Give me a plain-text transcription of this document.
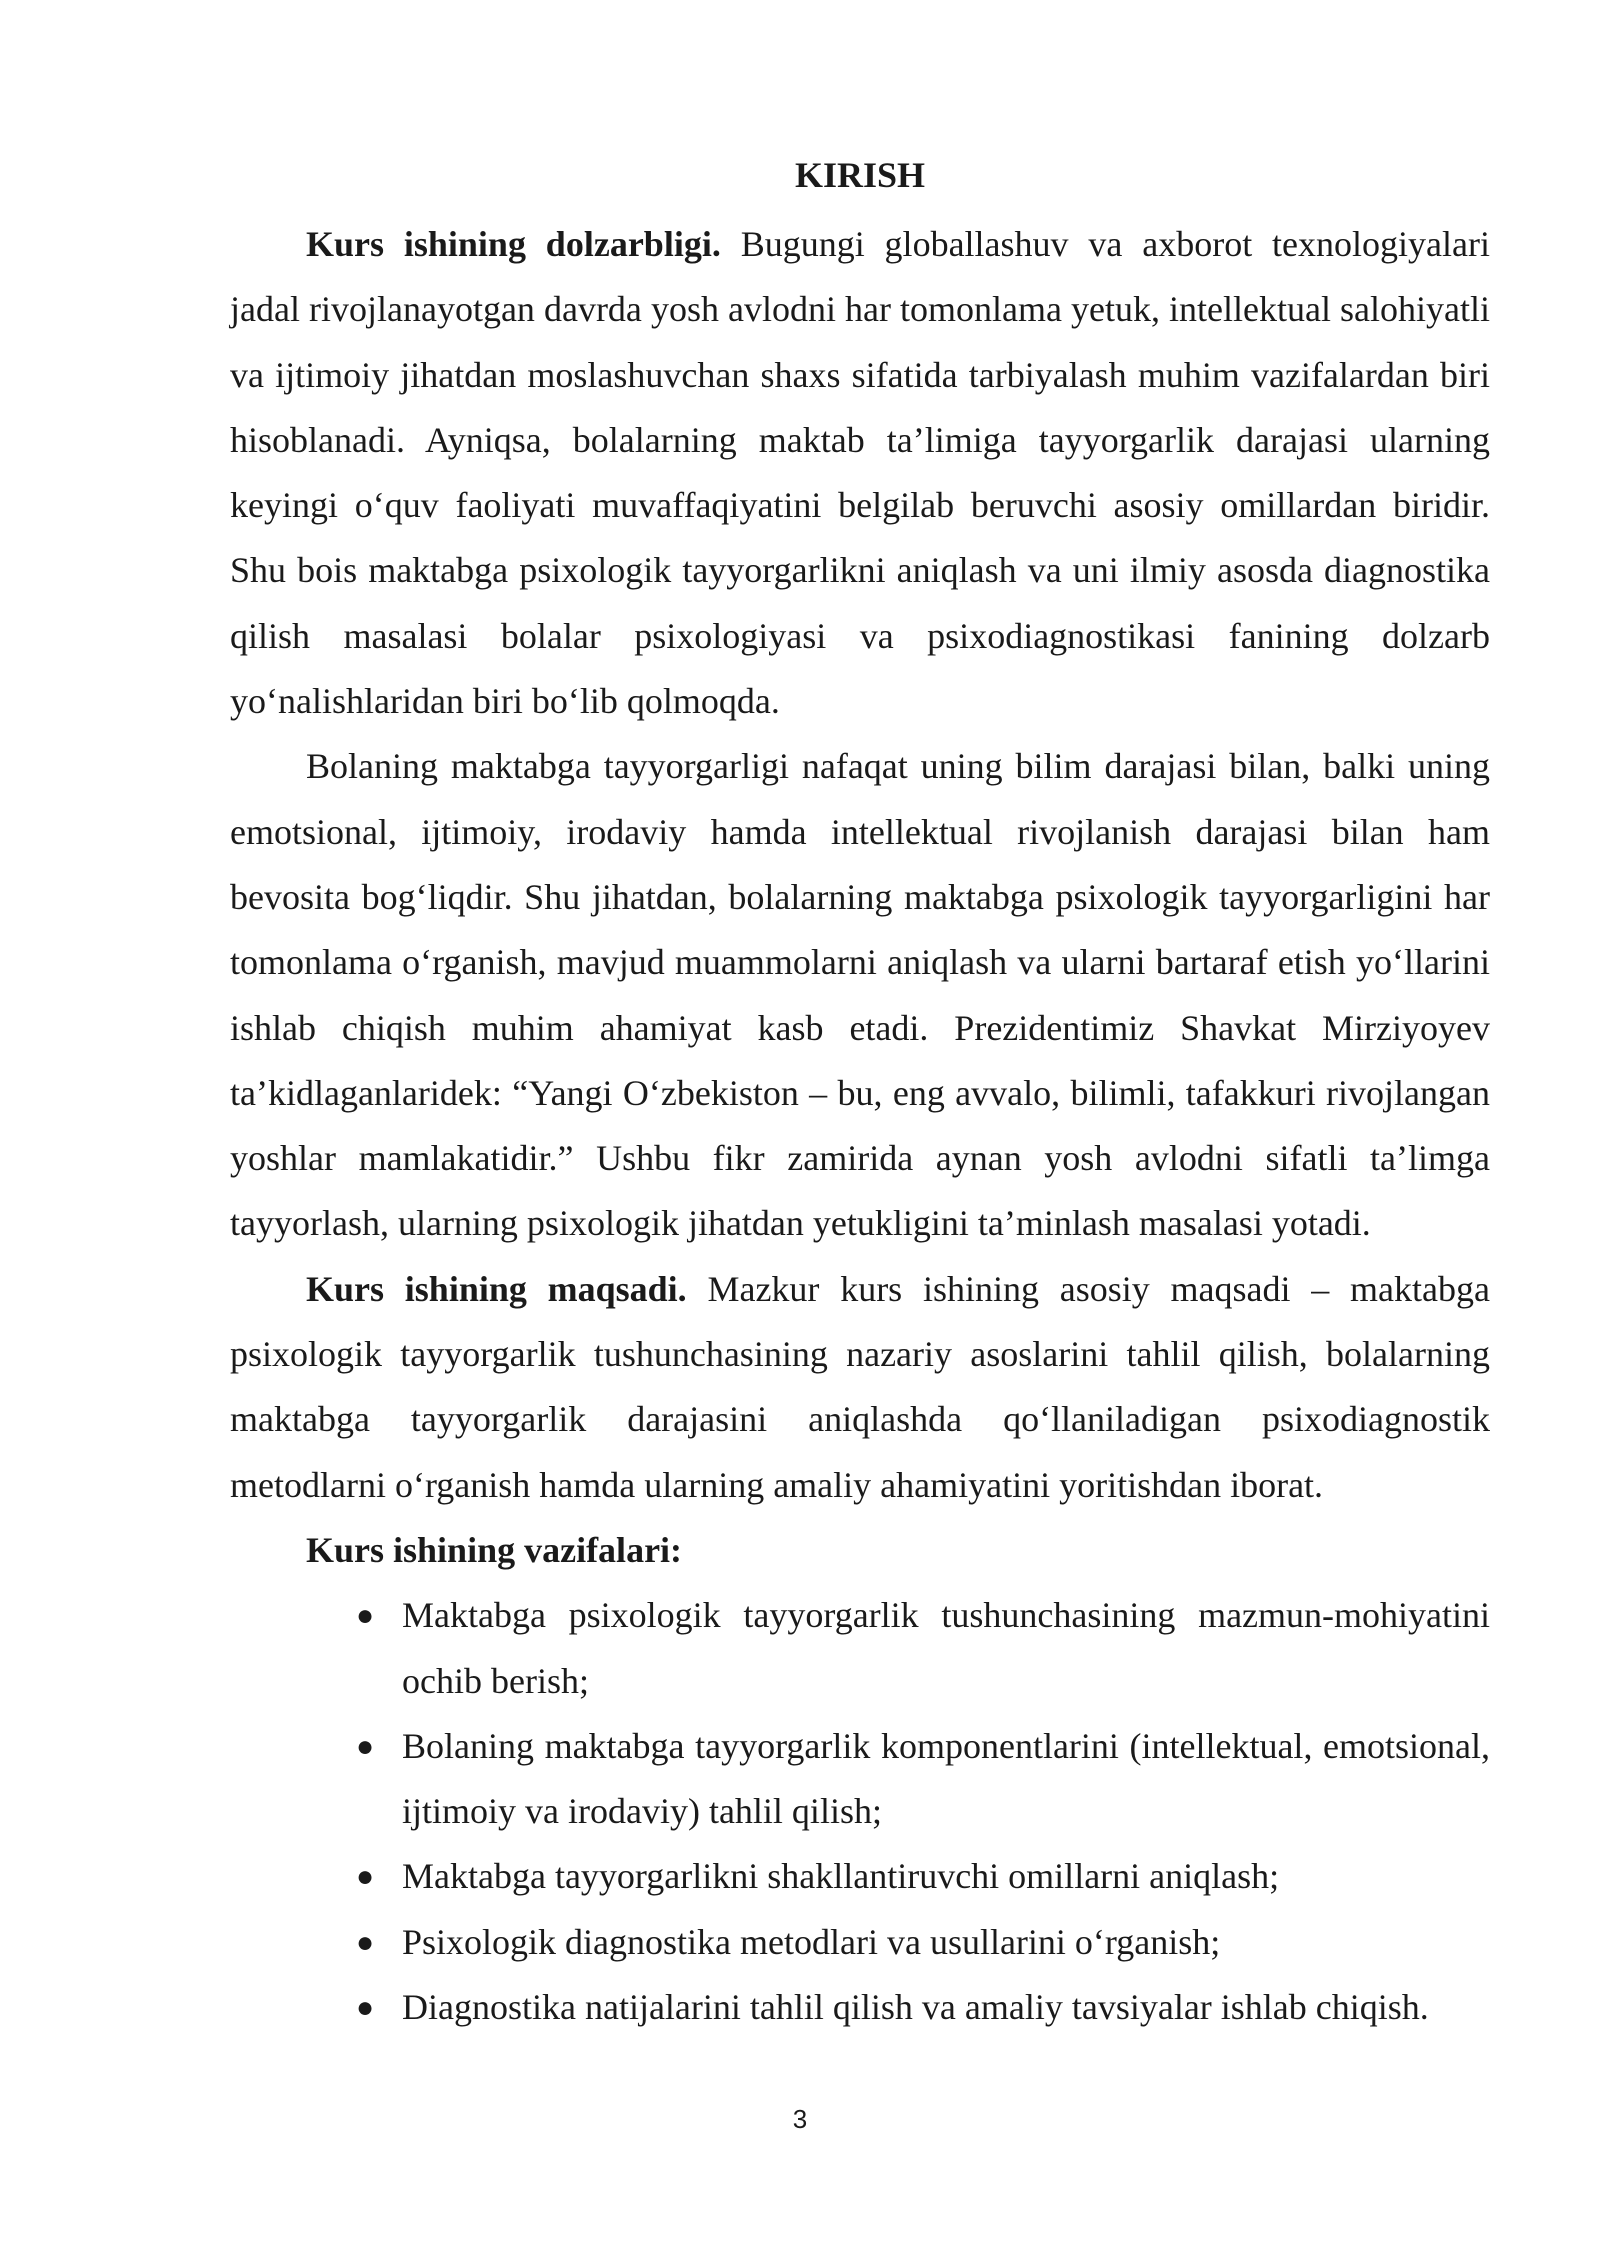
KIRISH

Kurs ishining dolzarbligi. Bugungi globallashuv va axborot texnologiyalari jadal rivojlanayotgan davrda yosh avlodni har tomonlama yetuk, intellektual salohiyatli va ijtimoiy jihatdan moslashuvchan shaxs sifatida tarbiyalash muhim vazifalardan biri hisoblanadi. Ayniqsa, bolalarning maktab ta’limiga tayyorgarlik darajasi ularning keyingi o‘quv faoliyati muvaffaqiyatini belgilab beruvchi asosiy omillardan biridir. Shu bois maktabga psixologik tayyorgarlikni aniqlash va uni ilmiy asosda diagnostika qilish masalasi bolalar psixologiyasi va psixodiagnostikasi fanining dolzarb yo‘nalishlaridan biri bo‘lib qolmoqda.

Bolaning maktabga tayyorgarligi nafaqat uning bilim darajasi bilan, balki uning emotsional, ijtimoiy, irodaviy hamda intellektual rivojlanish darajasi bilan ham bevosita bog‘liqdir. Shu jihatdan, bolalarning maktabga psixologik tayyorgarligini har tomonlama o‘rganish, mavjud muammolarni aniqlash va ularni bartaraf etish yo‘llarini ishlab chiqish muhim ahamiyat kasb etadi. Prezidentimiz Shavkat Mirziyoyev ta’kidlaganlaridek: “Yangi O‘zbekiston – bu, eng avvalo, bilimli, tafakkuri rivojlangan yoshlar mamlakatidir.” Ushbu fikr zamirida aynan yosh avlodni sifatli ta’limga tayyorlash, ularning psixologik jihatdan yetukligini ta’minlash masalasi yotadi.

Kurs ishining maqsadi. Mazkur kurs ishining asosiy maqsadi – maktabga psixologik tayyorgarlik tushunchasining nazariy asoslarini tahlil qilish, bolalarning maktabga tayyorgarlik darajasini aniqlashda qo‘llaniladigan psixodiagnostik metodlarni o‘rganish hamda ularning amaliy ahamiyatini yoritishdan iborat.

Kurs ishining vazifalari:

● Maktabga psixologik tayyorgarlik tushunchasining mazmun-mohiyatini ochib berish;
● Bolaning maktabga tayyorgarlik komponentlarini (intellektual, emotsional, ijtimoiy va irodaviy) tahlil qilish;
● Maktabga tayyorgarlikni shakllantiruvchi omillarni aniqlash;
● Psixologik diagnostika metodlari va usullarini o‘rganish;
● Diagnostika natijalarini tahlil qilish va amaliy tavsiyalar ishlab chiqish.
3
